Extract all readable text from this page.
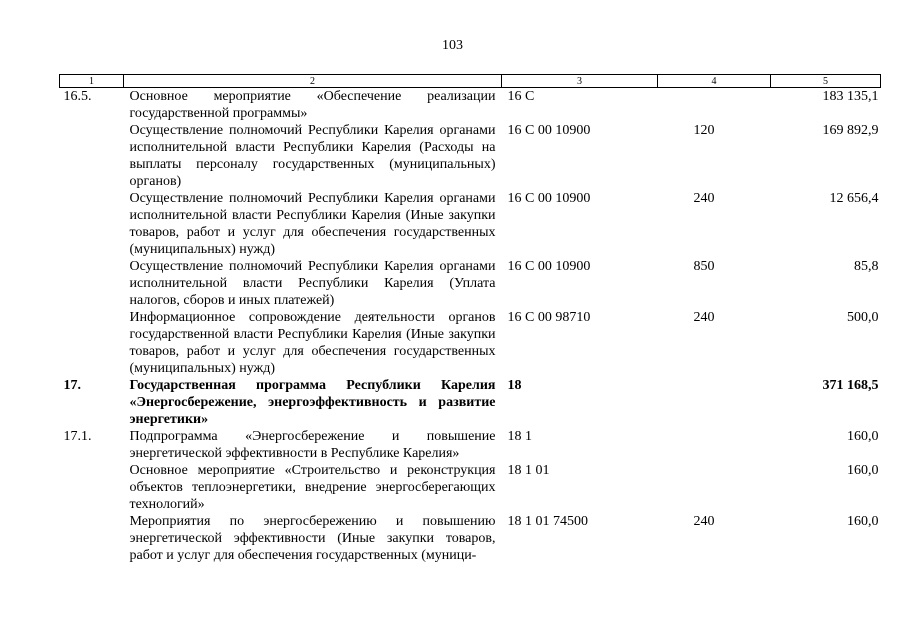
103
1	2	3	4	5
16.5.	Основное мероприятие «Обеспечение реализации государственной программы»	16 С		183 135,1
	Осуществление полномочий Республики Карелия органами исполнительной власти Республики Карелия (Расходы на выплаты персоналу государственных (муниципальных) органов)	16 С 00 10900	120	169 892,9
	Осуществление полномочий Республики Карелия органами исполнительной власти Республики Карелия (Иные закупки товаров, работ и услуг для обеспечения государственных (муниципальных) нужд)	16 С 00 10900	240	12 656,4
	Осуществление полномочий Республики Карелия органами исполнительной власти Республики Карелия (Уплата налогов, сборов и иных платежей)	16 С 00 10900	850	85,8
	Информационное сопровождение деятельности органов государственной власти Республики Карелия (Иные закупки товаров, работ и услуг для обеспечения государственных (муниципальных) нужд)	16 С 00 98710	240	500,0
17.	Государственная программа Республики Карелия «Энергосбережение, энергоэффективность и развитие энергетики»	18		371 168,5
17.1.	Подпрограмма «Энергосбережение и повышение энергетической эффективности в Республике Карелия»	18 1		160,0
	Основное мероприятие «Строительство и реконструкция объектов теплоэнергетики, внедрение энергосберегающих технологий»	18 1 01		160,0
	Мероприятия по энергосбережению и повышению энергетической эффективности (Иные закупки товаров, работ и услуг для обеспечения государственных (муници-	18 1 01 74500	240	160,0
